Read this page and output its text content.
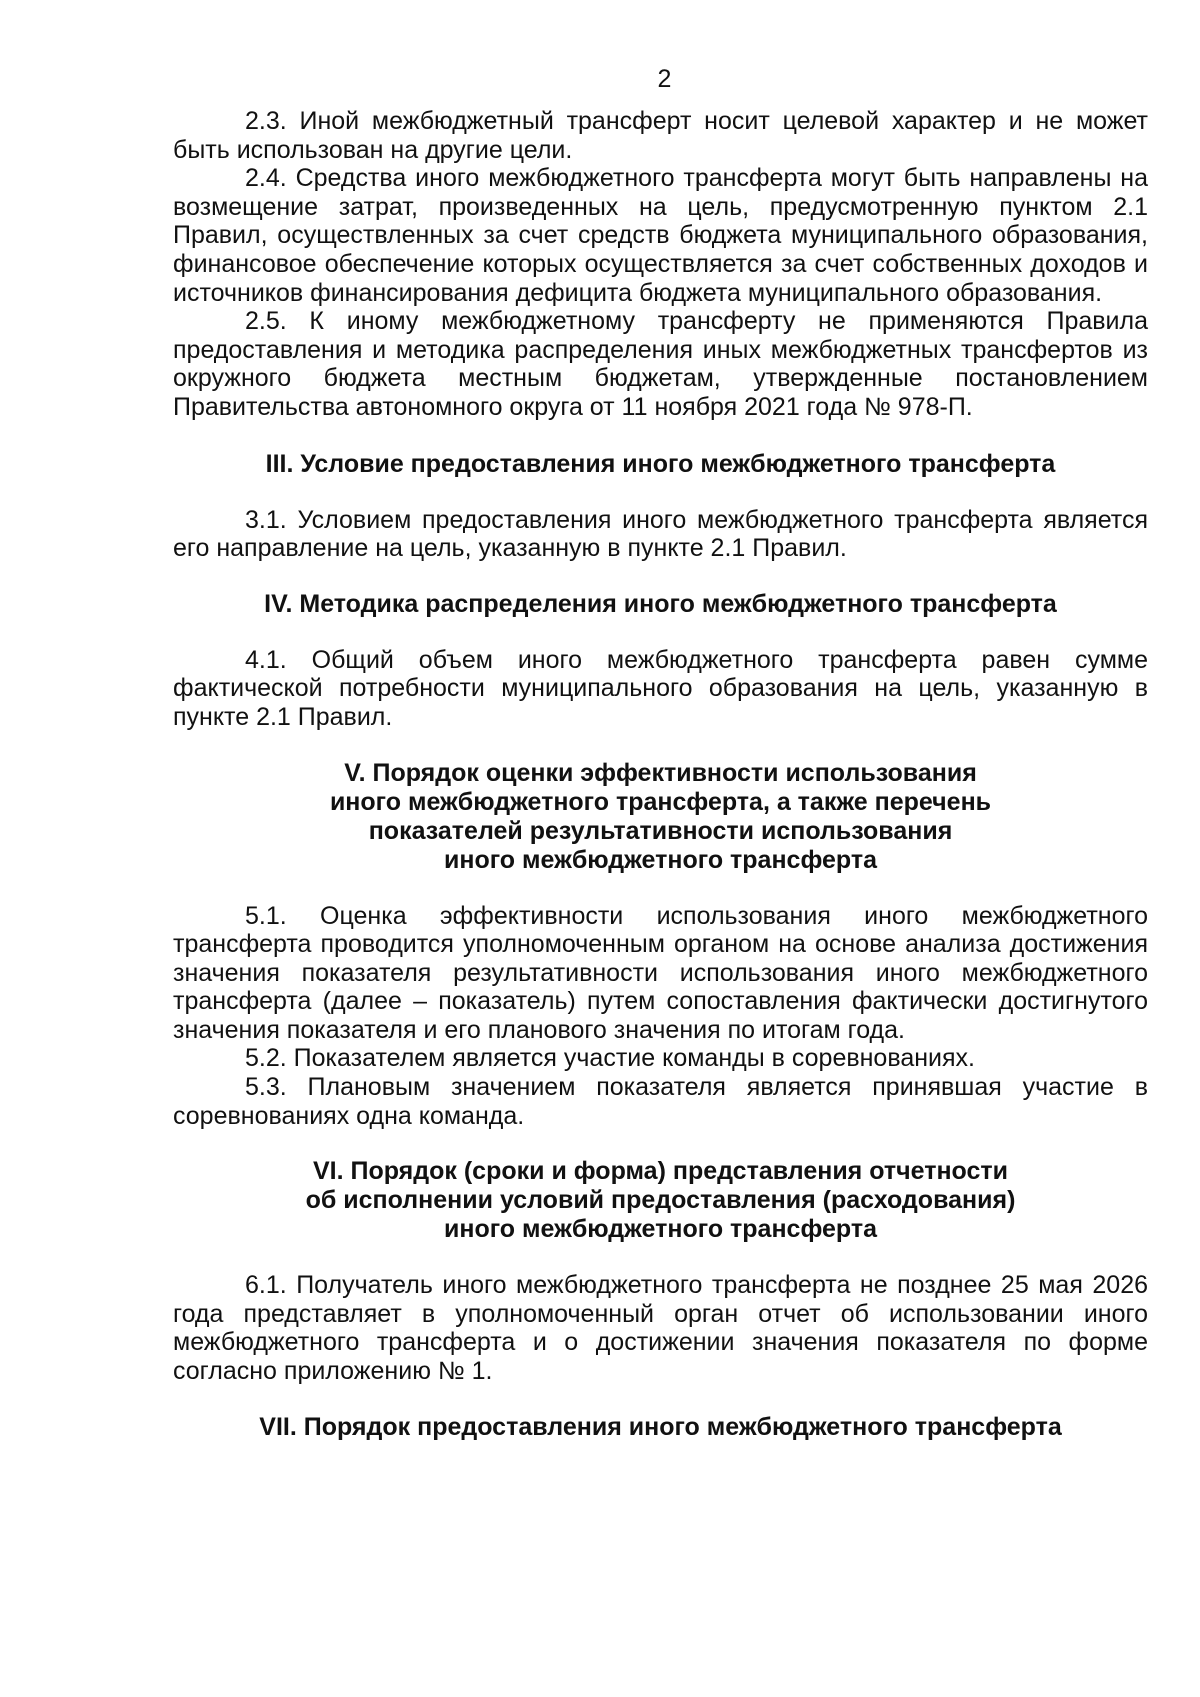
2

2.3. Иной межбюджетный трансферт носит целевой характер и не может быть использован на другие цели.

2.4. Средства иного межбюджетного трансферта могут быть направлены на возмещение затрат, произведенных на цель, предусмотренную пунктом 2.1 Правил, осуществленных за счет средств бюджета муниципального образования, финансовое обеспечение которых осуществляется за счет собственных доходов и источников финансирования дефицита бюджета муниципального образования.

2.5. К иному межбюджетному трансферту не применяются Правила предоставления и методика распределения иных межбюджетных трансфертов из окружного бюджета местным бюджетам, утвержденные постановлением Правительства автономного округа от 11 ноября 2021 года № 978-П.

III. Условие предоставления иного межбюджетного трансферта

3.1. Условием предоставления иного межбюджетного трансферта является его направление на цель, указанную в пункте 2.1 Правил.

IV. Методика распределения иного межбюджетного трансферта

4.1. Общий объем иного межбюджетного трансферта равен сумме фактической потребности муниципального образования на цель, указанную в пункте 2.1 Правил.

V. Порядок оценки эффективности использования
иного межбюджетного трансферта, а также перечень
показателей результативности использования
иного межбюджетного трансферта

5.1. Оценка эффективности использования иного межбюджетного трансферта проводится уполномоченным органом на основе анализа достижения значения показателя результативности использования иного межбюджетного трансферта (далее – показатель) путем сопоставления фактически достигнутого значения показателя и его планового значения по итогам года.

5.2. Показателем является участие команды в соревнованиях.

5.3. Плановым значением показателя является принявшая участие в соревнованиях одна команда.

VI. Порядок (сроки и форма) представления отчетности
об исполнении условий предоставления (расходования)
иного межбюджетного трансферта

6.1. Получатель иного межбюджетного трансферта не позднее 25 мая 2026 года представляет в уполномоченный орган отчет об использовании иного межбюджетного трансферта и о достижении значения показателя по форме согласно приложению № 1.

VII. Порядок предоставления иного межбюджетного трансферта
